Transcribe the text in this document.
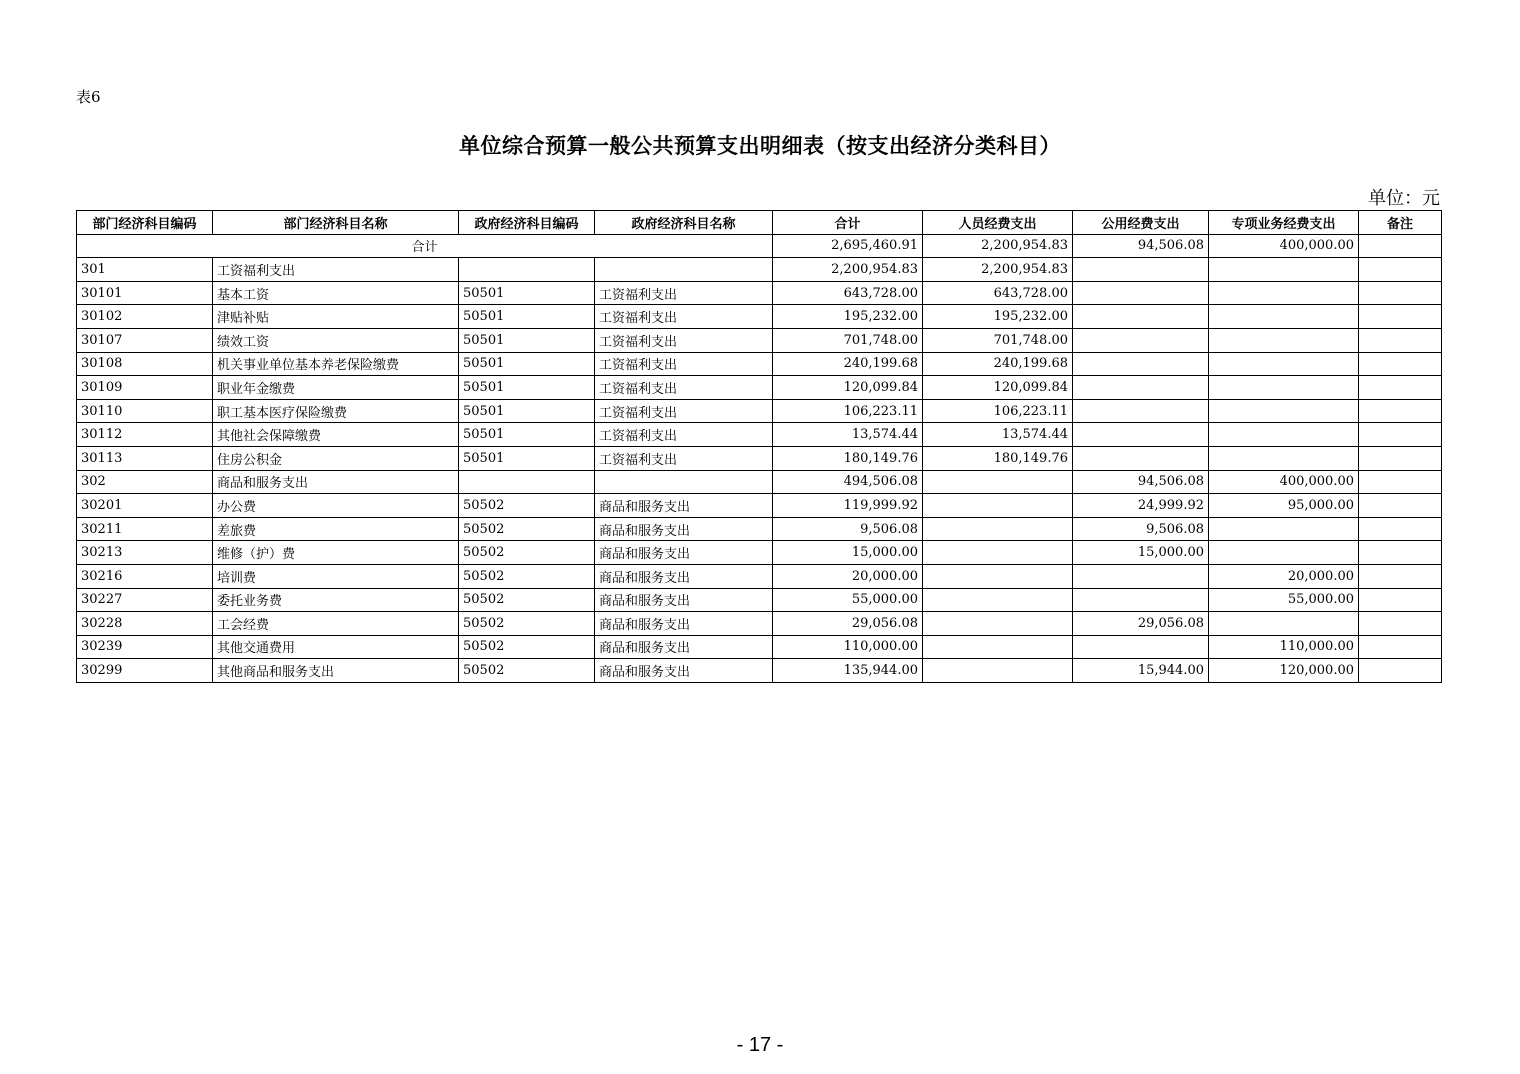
表6
单位综合预算一般公共预算支出明细表（按支出经济分类科目）
单位：元
部门经济科目编码	部门经济科目名称	政府经济科目编码	政府经济科目名称	合计	人员经费支出	公用经费支出	专项业务经费支出	备注
合计				2,695,460.91	2,200,954.83	94,506.08	400,000.00	
301	工资福利支出			2,200,954.83	2,200,954.83			
30101	基本工资	50501	工资福利支出	643,728.00	643,728.00			
30102	津贴补贴	50501	工资福利支出	195,232.00	195,232.00			
30107	绩效工资	50501	工资福利支出	701,748.00	701,748.00			
30108	机关事业单位基本养老保险缴费	50501	工资福利支出	240,199.68	240,199.68			
30109	职业年金缴费	50501	工资福利支出	120,099.84	120,099.84			
30110	职工基本医疗保险缴费	50501	工资福利支出	106,223.11	106,223.11			
30112	其他社会保障缴费	50501	工资福利支出	13,574.44	13,574.44			
30113	住房公积金	50501	工资福利支出	180,149.76	180,149.76			
302	商品和服务支出			494,506.08		94,506.08	400,000.00	
30201	办公费	50502	商品和服务支出	119,999.92		24,999.92	95,000.00	
30211	差旅费	50502	商品和服务支出	9,506.08		9,506.08		
30213	维修（护）费	50502	商品和服务支出	15,000.00		15,000.00		
30216	培训费	50502	商品和服务支出	20,000.00			20,000.00	
30227	委托业务费	50502	商品和服务支出	55,000.00			55,000.00	
30228	工会经费	50502	商品和服务支出	29,056.08		29,056.08		
30239	其他交通费用	50502	商品和服务支出	110,000.00			110,000.00	
30299	其他商品和服务支出	50502	商品和服务支出	135,944.00		15,944.00	120,000.00	
- 17 -
